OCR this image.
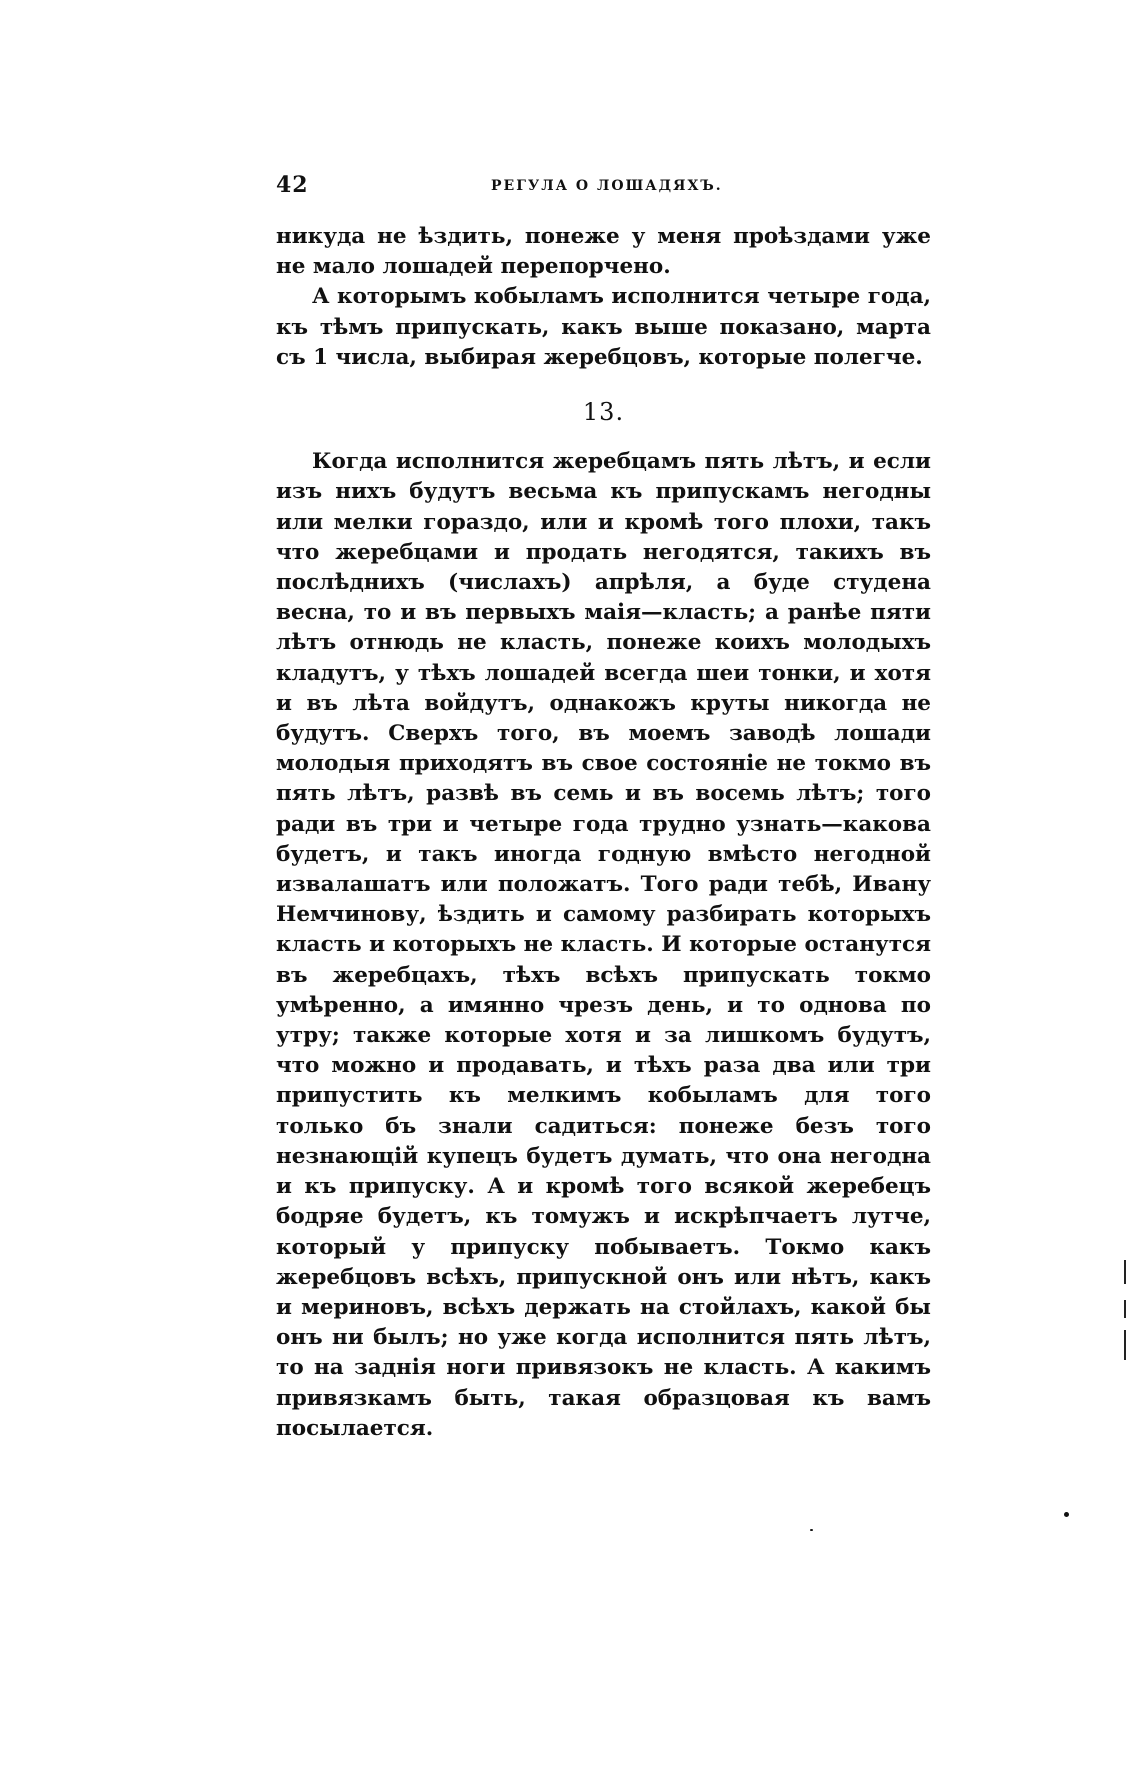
42	РЕГУЛА О ЛОШАДЯХЪ.

никуда не ѣздить, понеже у меня проѣздами уже не мало лошадей перепорчено.

А которымъ кобыламъ исполнится четыре года, къ тѣмъ припускать, какъ выше показано, марта съ 1 числа, выбирая жеребцовъ, которые полегче.

13.

Когда исполнится жеребцамъ пять лѣтъ, и если изъ нихъ будутъ весьма къ припускамъ негодны или мелки гораздо, или и кромѣ того плохи, такъ что жеребцами и продать негодятся, такихъ въ послѣднихъ (числахъ) апрѣля, а буде студена весна, то и въ первыхъ маія—класть; а ранѣе пяти лѣтъ отнюдь не класть, понеже коихъ молодыхъ кладутъ, у тѣхъ лошадей всегда шеи тонки, и хотя и въ лѣта войдутъ, однакожъ круты никогда не будутъ. Сверхъ того, въ моемъ заводѣ лошади молодыя приходятъ въ свое состояніе не токмо въ пять лѣтъ, развѣ въ семь и въ восемь лѣтъ; того ради въ три и четыре года трудно узнать—какова будетъ, и такъ иногда годную вмѣсто негодной извалашатъ или положатъ. Того ради тебѣ, Ивану Немчинову, ѣздить и самому разбирать которыхъ класть и которыхъ не класть. И которые останутся въ жеребцахъ, тѣхъ всѣхъ припускать токмо умѣренно, а имянно чрезъ день, и то однова по утру; также которые хотя и за лишкомъ будутъ, что можно и продавать, и тѣхъ раза два или три припустить къ мелкимъ кобыламъ для того только бъ знали садиться: понеже безъ того незнающій купецъ будетъ думать, что она негодна и къ припуску. А и кромѣ того всякой жеребецъ бодряе будетъ, къ томужъ и искрѣпчаетъ лутче, который у припуску побываетъ. Токмо какъ жеребцовъ всѣхъ, припускной онъ или нѣтъ, какъ и мериновъ, всѣхъ держать на стойлахъ, какой бы онъ ни былъ; но уже когда исполнится пять лѣтъ, то на заднія ноги привязокъ не класть. А какимъ привязкамъ быть, такая образцовая къ вамъ посылается.
